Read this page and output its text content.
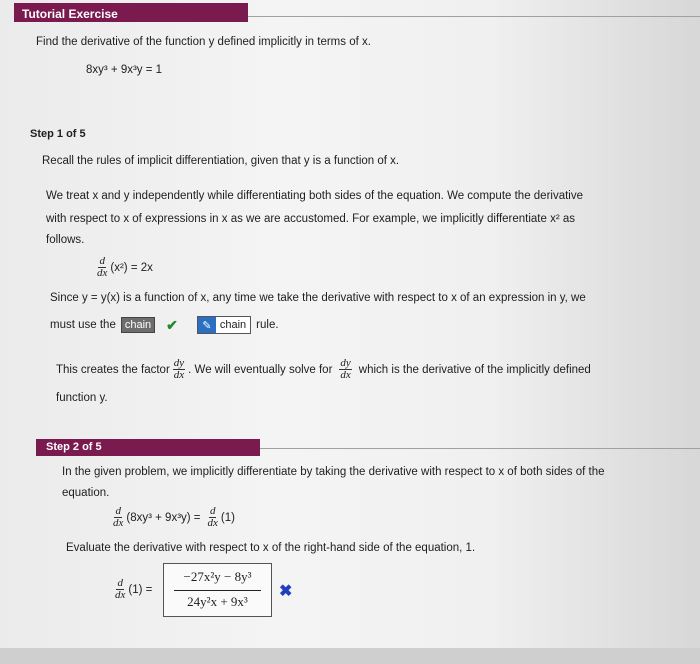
Tutorial Exercise
Find the derivative of the function y defined implicitly in terms of x.
8xy³ + 9x³y = 1
Step 1 of 5
Recall the rules of implicit differentiation, given that y is a function of x.
We treat x and y independently while differentiating both sides of the equation. We compute the derivative
with respect to x of expressions in x as we are accustomed. For example, we implicitly differentiate x² as
follows.
$\frac{d}{dx} (x^2) = 2x$
Since y = y(x) is a function of x, any time we take the derivative with respect to x of an expression in y, we
must use the chain ✔	✎ chain rule.
This creates the factor $\frac{dy}{dx}$ . We will eventually solve for $\frac{dy}{dx}$ which is the derivative of the implicitly defined
function y.
Step 2 of 5
In the given problem, we implicitly differentiate by taking the derivative with respect to x of both sides of the
equation.
$\frac{d}{dx} (8xy^3 + 9x^3y) = \frac{d}{dx} (1)$
Evaluate the derivative with respect to x of the right-hand side of the equation, 1.
$\frac{d}{dx} (1)$ =
−27x²y − 8y³
24y²x + 9x³
✖
